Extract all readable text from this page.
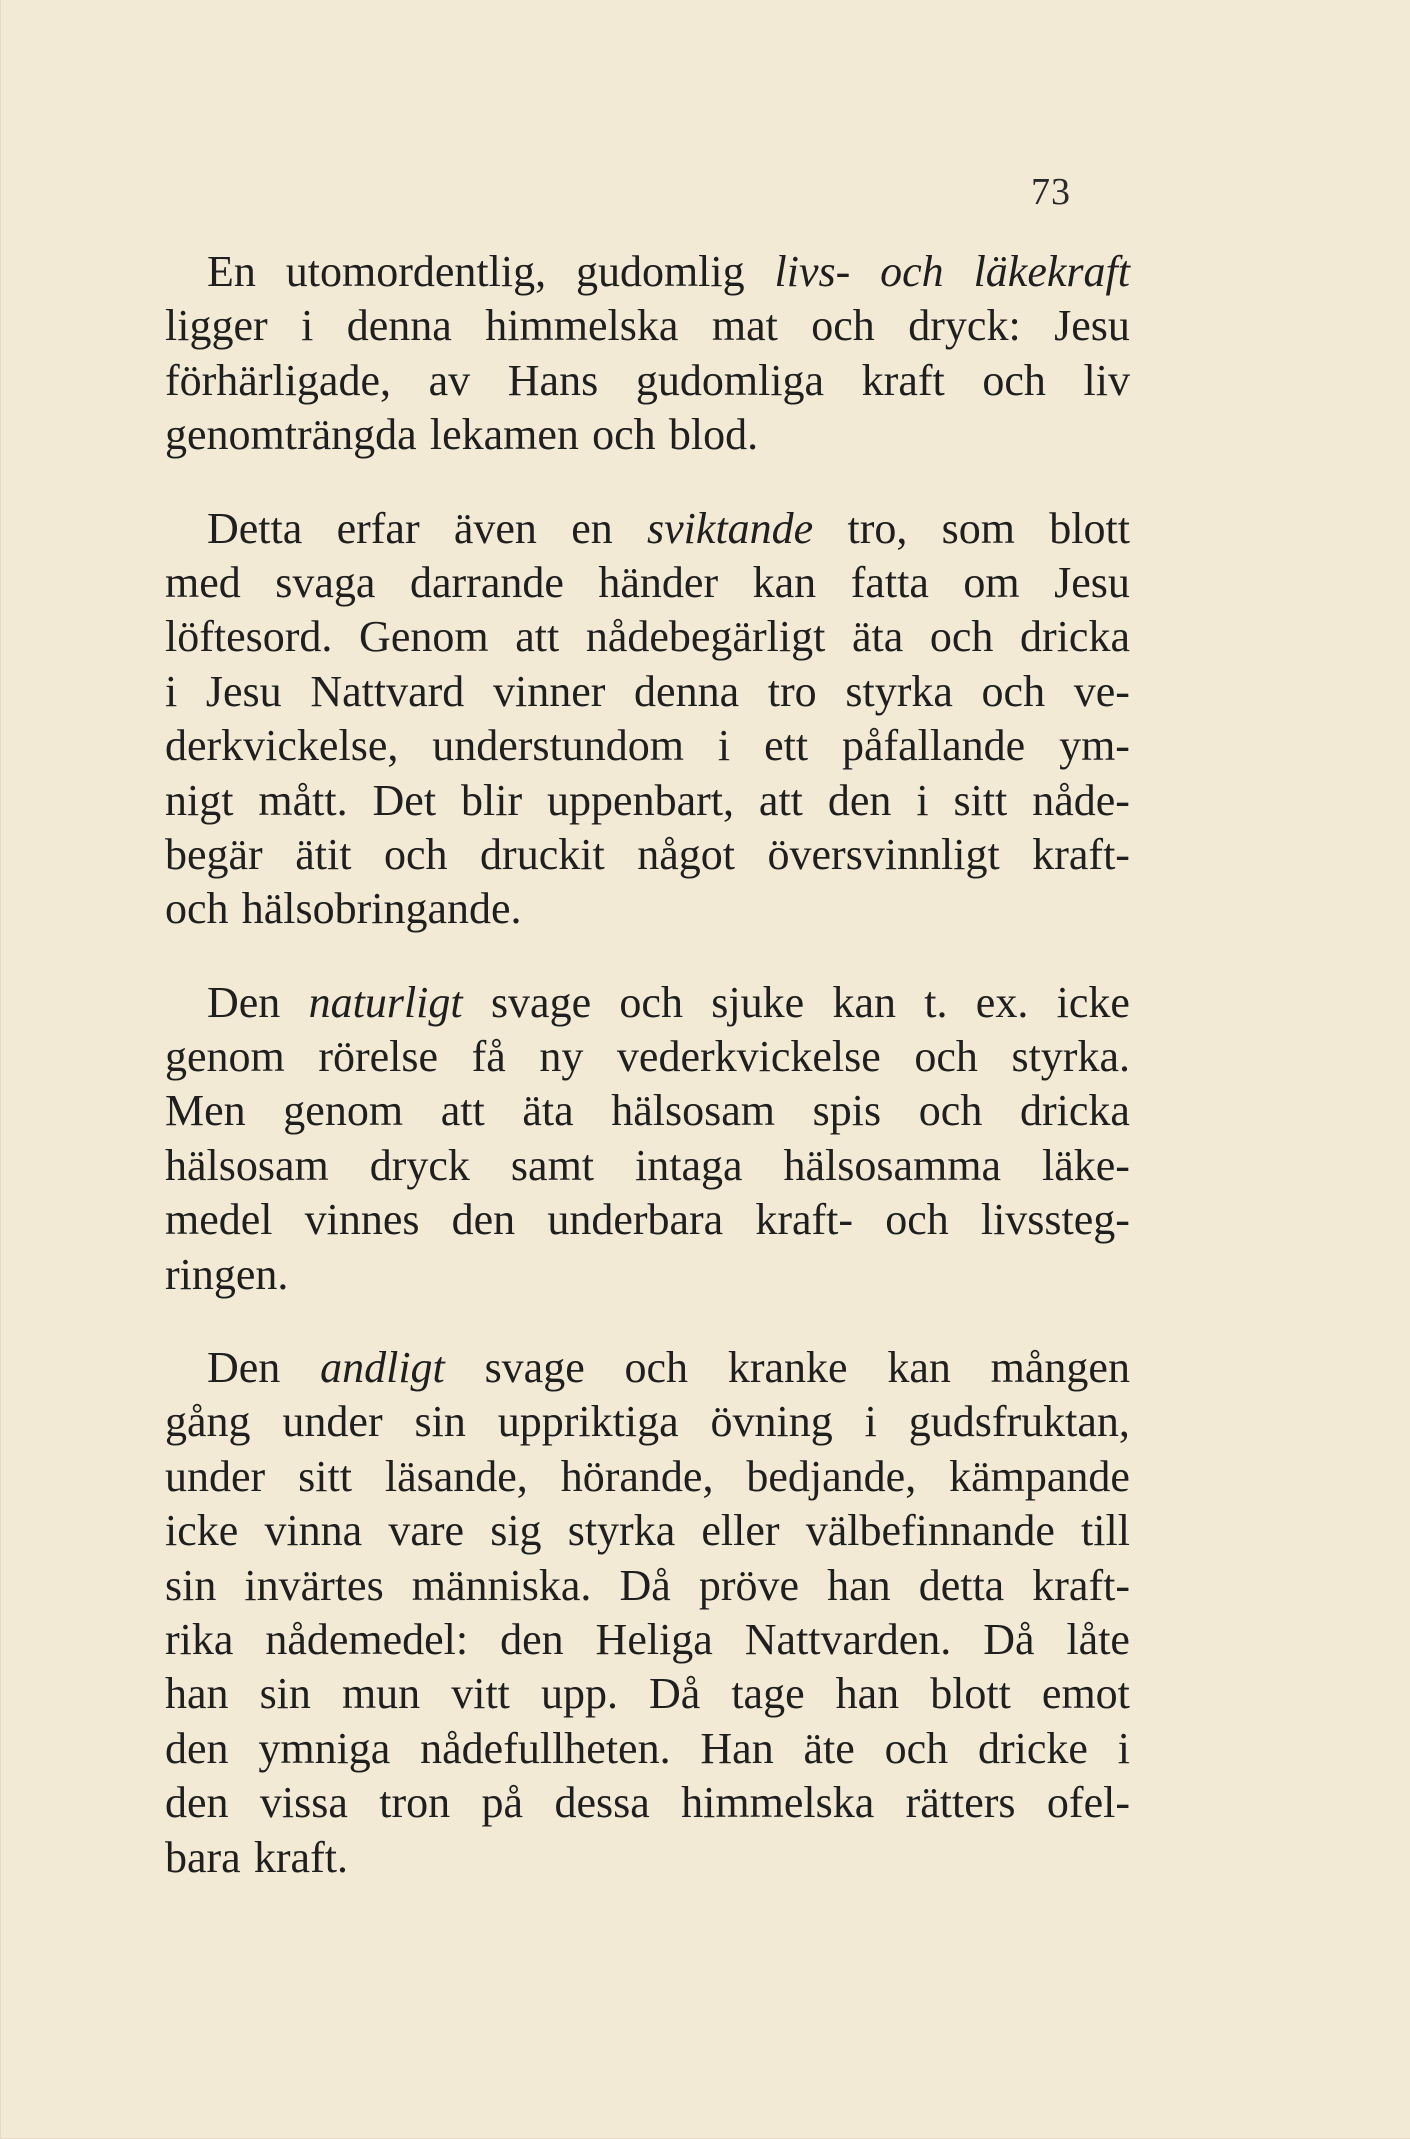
73
En utomordentlig, gudomlig livs- och läkekraft
ligger i denna himmelska mat och dryck: Jesu
förhärligade, av Hans gudomliga kraft och liv
genomträngda lekamen och blod.
Detta erfar även en sviktande tro, som blott
med svaga darrande händer kan fatta om Jesu
löftesord. Genom att nådebegärligt äta och dricka
i Jesu Nattvard vinner denna tro styrka och ve-
derkvickelse, understundom i ett påfallande ym-
nigt mått. Det blir uppenbart, att den i sitt nåde-
begär ätit och druckit något översvinnligt kraft-
och hälsobringande.
Den naturligt svage och sjuke kan t. ex. icke
genom rörelse få ny vederkvickelse och styrka.
Men genom att äta hälsosam spis och dricka
hälsosam dryck samt intaga hälsosamma läke-
medel vinnes den underbara kraft- och livssteg-
ringen.
Den andligt svage och kranke kan mången
gång under sin uppriktiga övning i gudsfruktan,
under sitt läsande, hörande, bedjande, kämpande
icke vinna vare sig styrka eller välbefinnande till
sin invärtes människa. Då pröve han detta kraft-
rika nådemedel: den Heliga Nattvarden. Då låte
han sin mun vitt upp. Då tage han blott emot
den ymniga nådefullheten. Han äte och dricke i
den vissa tron på dessa himmelska rätters ofel-
bara kraft.
